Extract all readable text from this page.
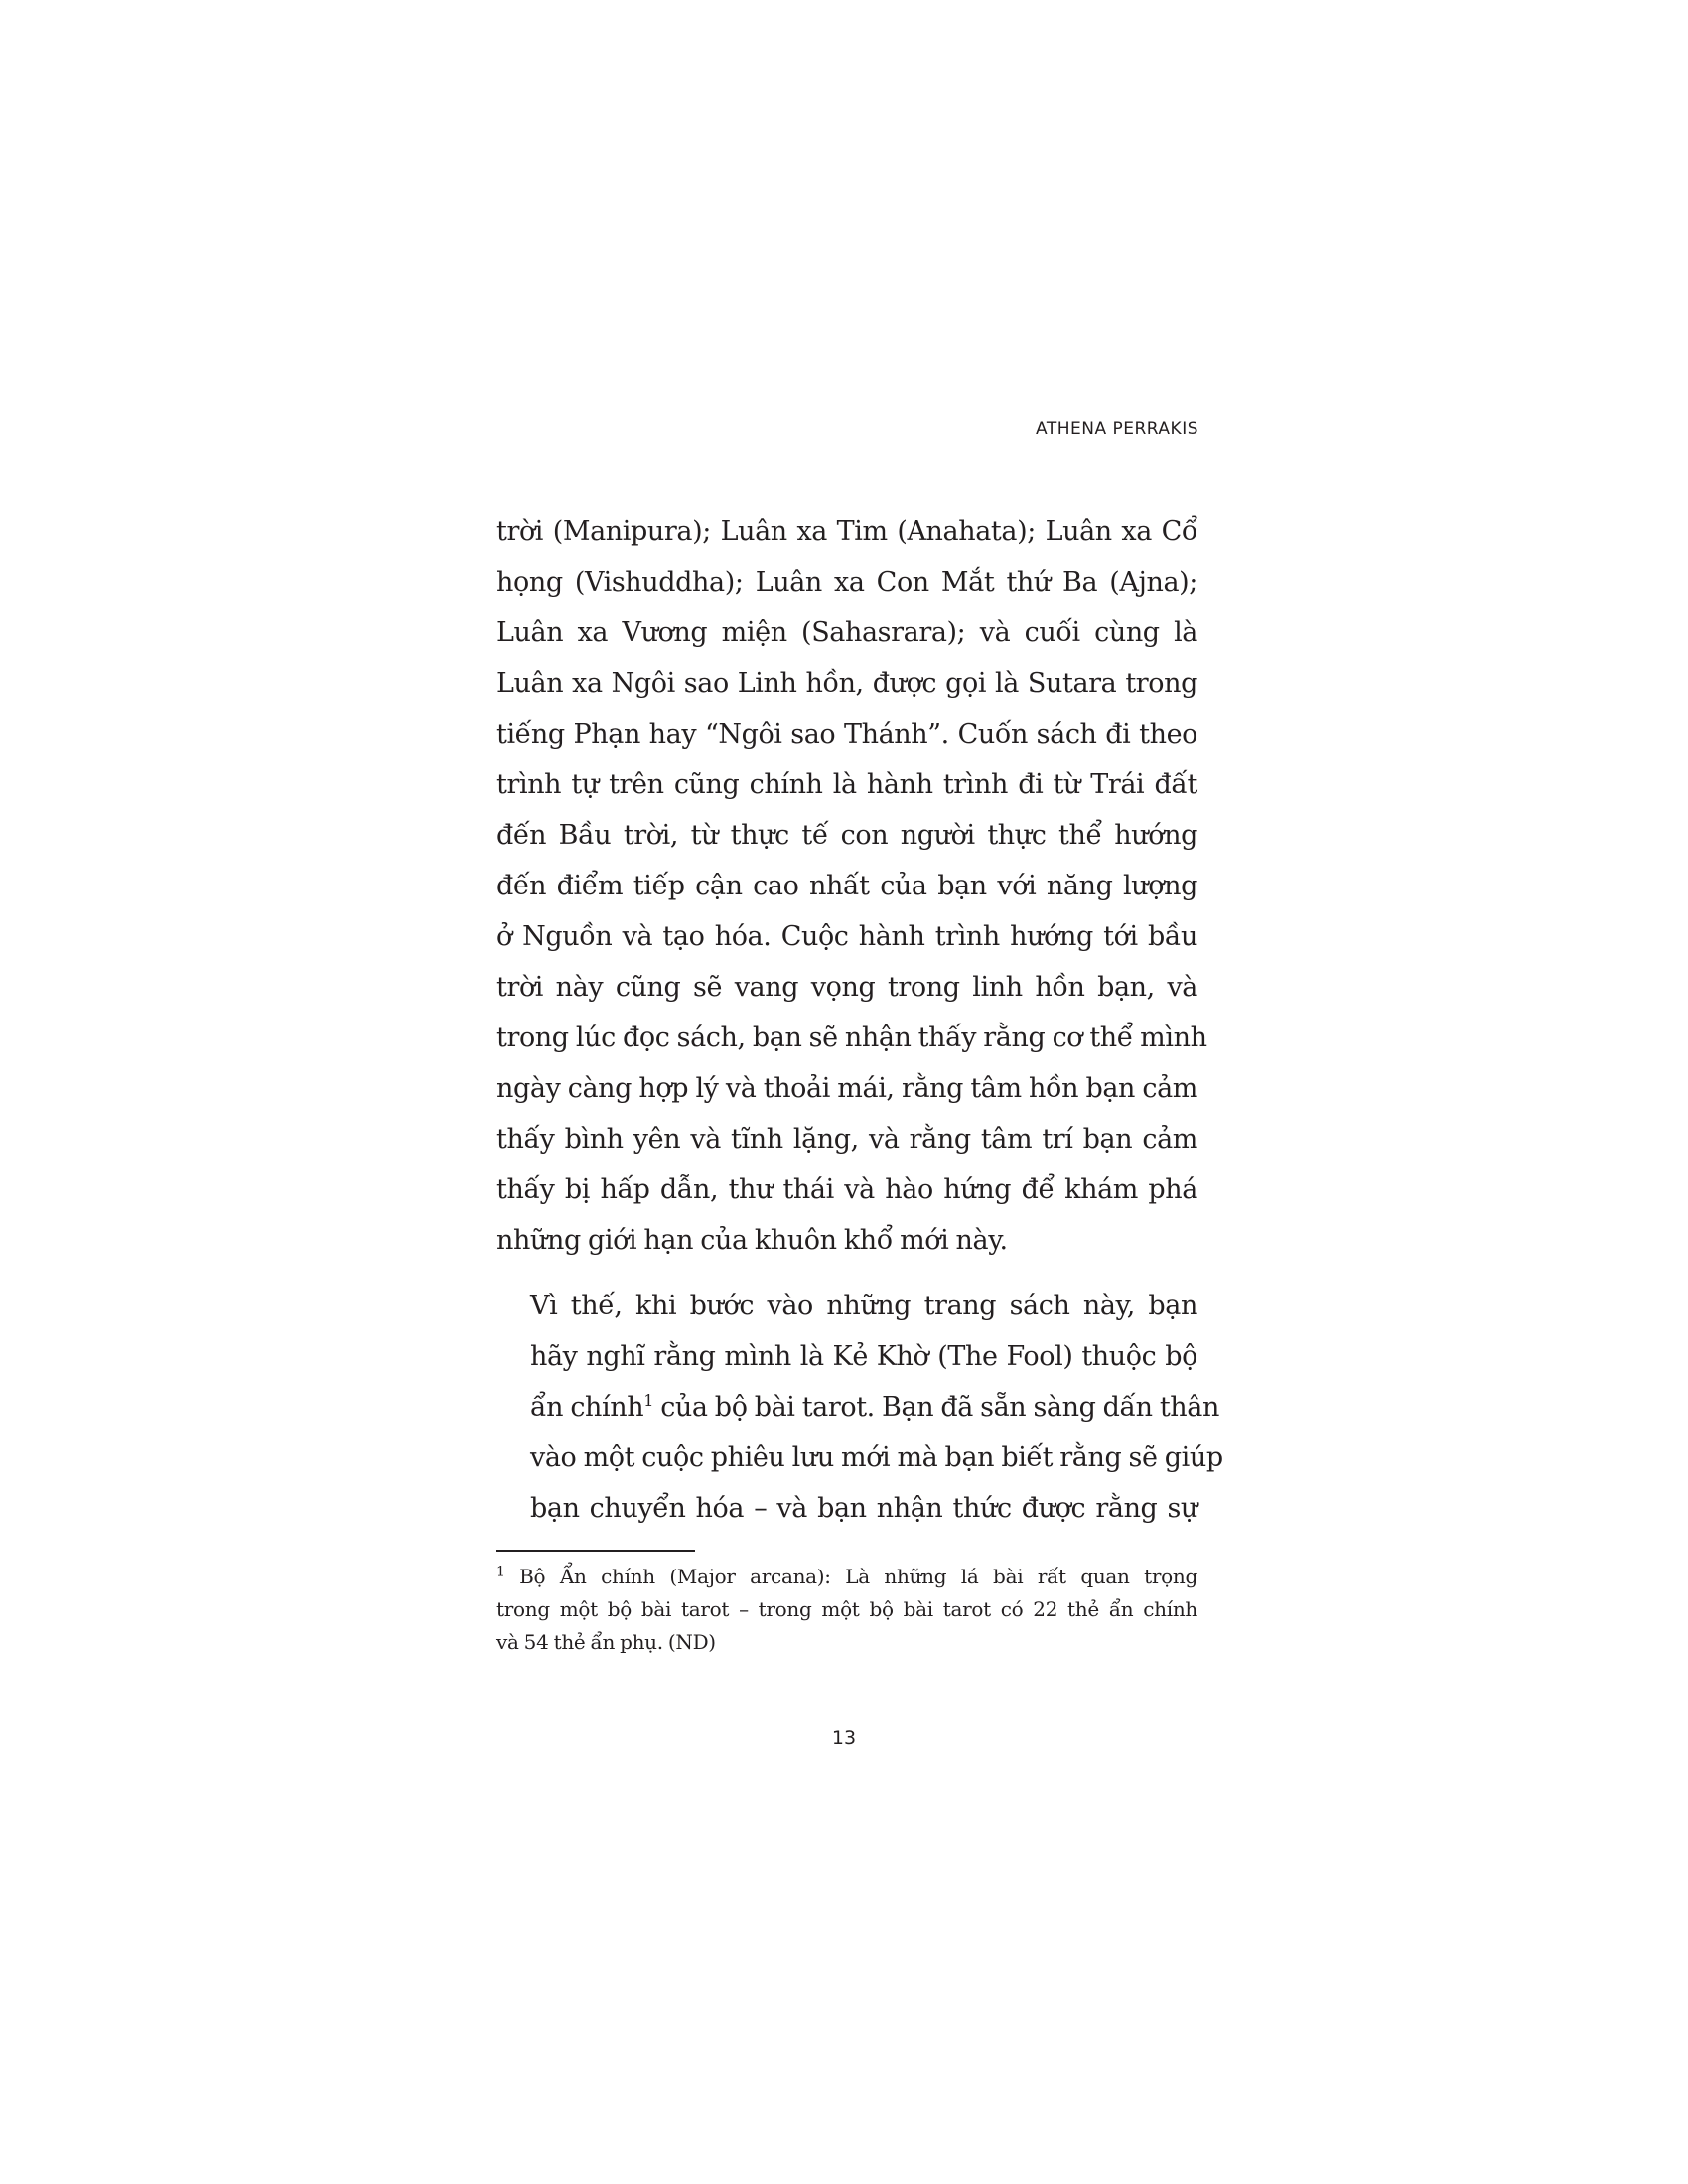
ATHENA PERRAKIS

trời (Manipura); Luân xa Tim (Anahata); Luân xa Cổ
họng (Vishuddha); Luân xa Con Mắt thứ Ba (Ajna);
Luân xa Vương miện (Sahasrara); và cuối cùng là
Luân xa Ngôi sao Linh hồn, được gọi là Sutara trong
tiếng Phạn hay “Ngôi sao Thánh”. Cuốn sách đi theo
trình tự trên cũng chính là hành trình đi từ Trái đất
đến Bầu trời, từ thực tế con người thực thể hướng
đến điểm tiếp cận cao nhất của bạn với năng lượng
ở Nguồn và tạo hóa. Cuộc hành trình hướng tới bầu
trời này cũng sẽ vang vọng trong linh hồn bạn, và
trong lúc đọc sách, bạn sẽ nhận thấy rằng cơ thể mình
ngày càng hợp lý và thoải mái, rằng tâm hồn bạn cảm
thấy bình yên và tĩnh lặng, và rằng tâm trí bạn cảm
thấy bị hấp dẫn, thư thái và hào hứng để khám phá
những giới hạn của khuôn khổ mới này.

Vì thế, khi bước vào những trang sách này, bạn
hãy nghĩ rằng mình là Kẻ Khờ (The Fool) thuộc bộ
ẩn chính$^1$ của bộ bài tarot. Bạn đã sẵn sàng dấn thân
vào một cuộc phiêu lưu mới mà bạn biết rằng sẽ giúp
bạn chuyển hóa – và bạn nhận thức được rằng sự

$^1$ Bộ Ẩn chính (Major arcana): Là những lá bài rất quan trọng
trong một bộ bài tarot – trong một bộ bài tarot có 22 thẻ ẩn chính
và 54 thẻ ẩn phụ. (ND)

13
